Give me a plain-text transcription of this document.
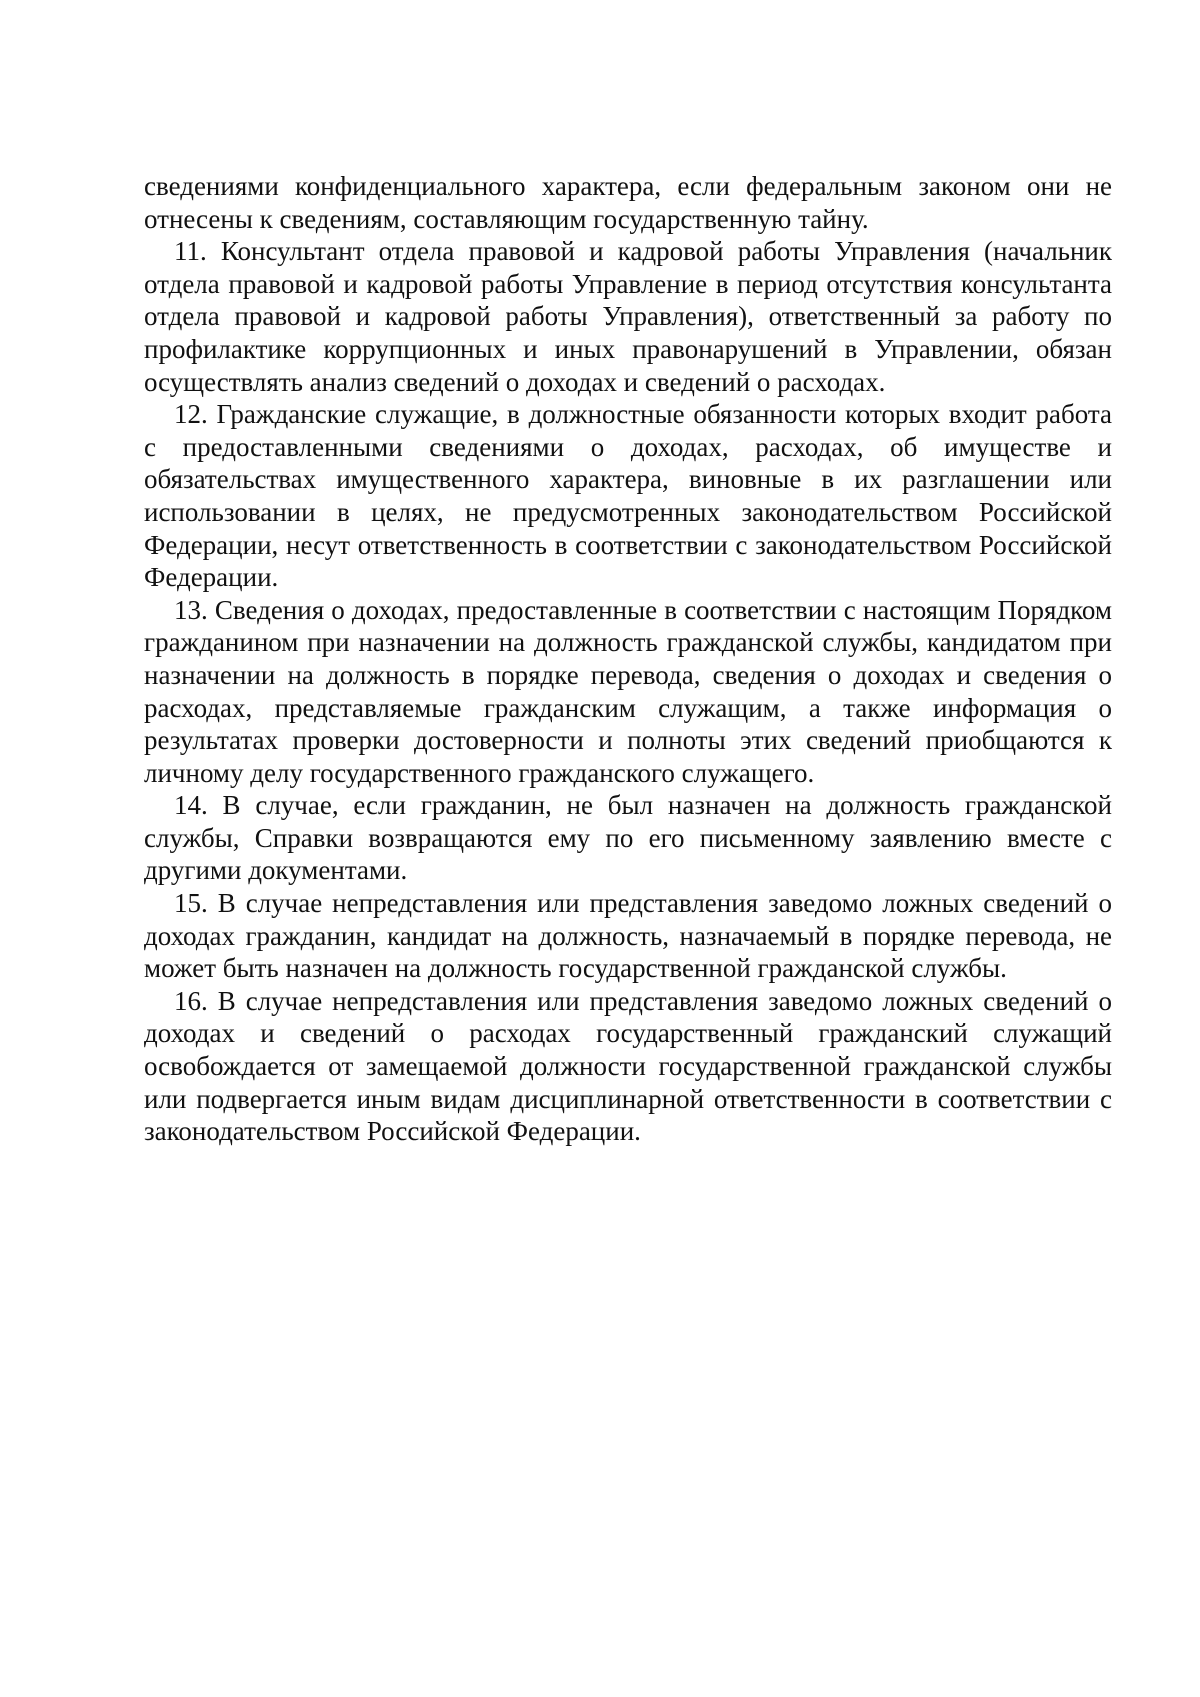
сведениями конфиденциального характера, если федеральным законом они не отнесены к сведениям, составляющим государственную тайну.

11. Консультант отдела правовой и кадровой работы Управления (начальник отдела правовой и кадровой работы Управление в период отсутствия консультанта отдела правовой и кадровой работы Управления), ответственный за работу по профилактике коррупционных и иных правонарушений в Управлении, обязан осуществлять анализ сведений о доходах и сведений о расходах.

12. Гражданские служащие, в должностные обязанности которых входит работа с предоставленными сведениями о доходах, расходах, об имуществе и обязательствах имущественного характера, виновные в их разглашении или использовании в целях, не предусмотренных законодательством Российской Федерации, несут ответственность в соответствии с законодательством Российской Федерации.

13. Сведения о доходах, предоставленные в соответствии с настоящим Порядком гражданином при назначении на должность гражданской службы, кандидатом при назначении на должность в порядке перевода, сведения о доходах и сведения о расходах, представляемые гражданским служащим, а также информация о результатах проверки достоверности и полноты этих сведений приобщаются к личному делу государственного гражданского служащего.

14. В случае, если гражданин, не был назначен на должность гражданской службы, Справки возвращаются ему по его письменному заявлению вместе с другими документами.

15. В случае непредставления или представления заведомо ложных сведений о доходах гражданин, кандидат на должность, назначаемый в порядке перевода, не может быть назначен на должность государственной гражданской службы.

16. В случае непредставления или представления заведомо ложных сведений о доходах и сведений о расходах государственный гражданский служащий освобождается от замещаемой должности государственной гражданской службы или подвергается иным видам дисциплинарной ответственности в соответствии с законодательством Российской Федерации.
